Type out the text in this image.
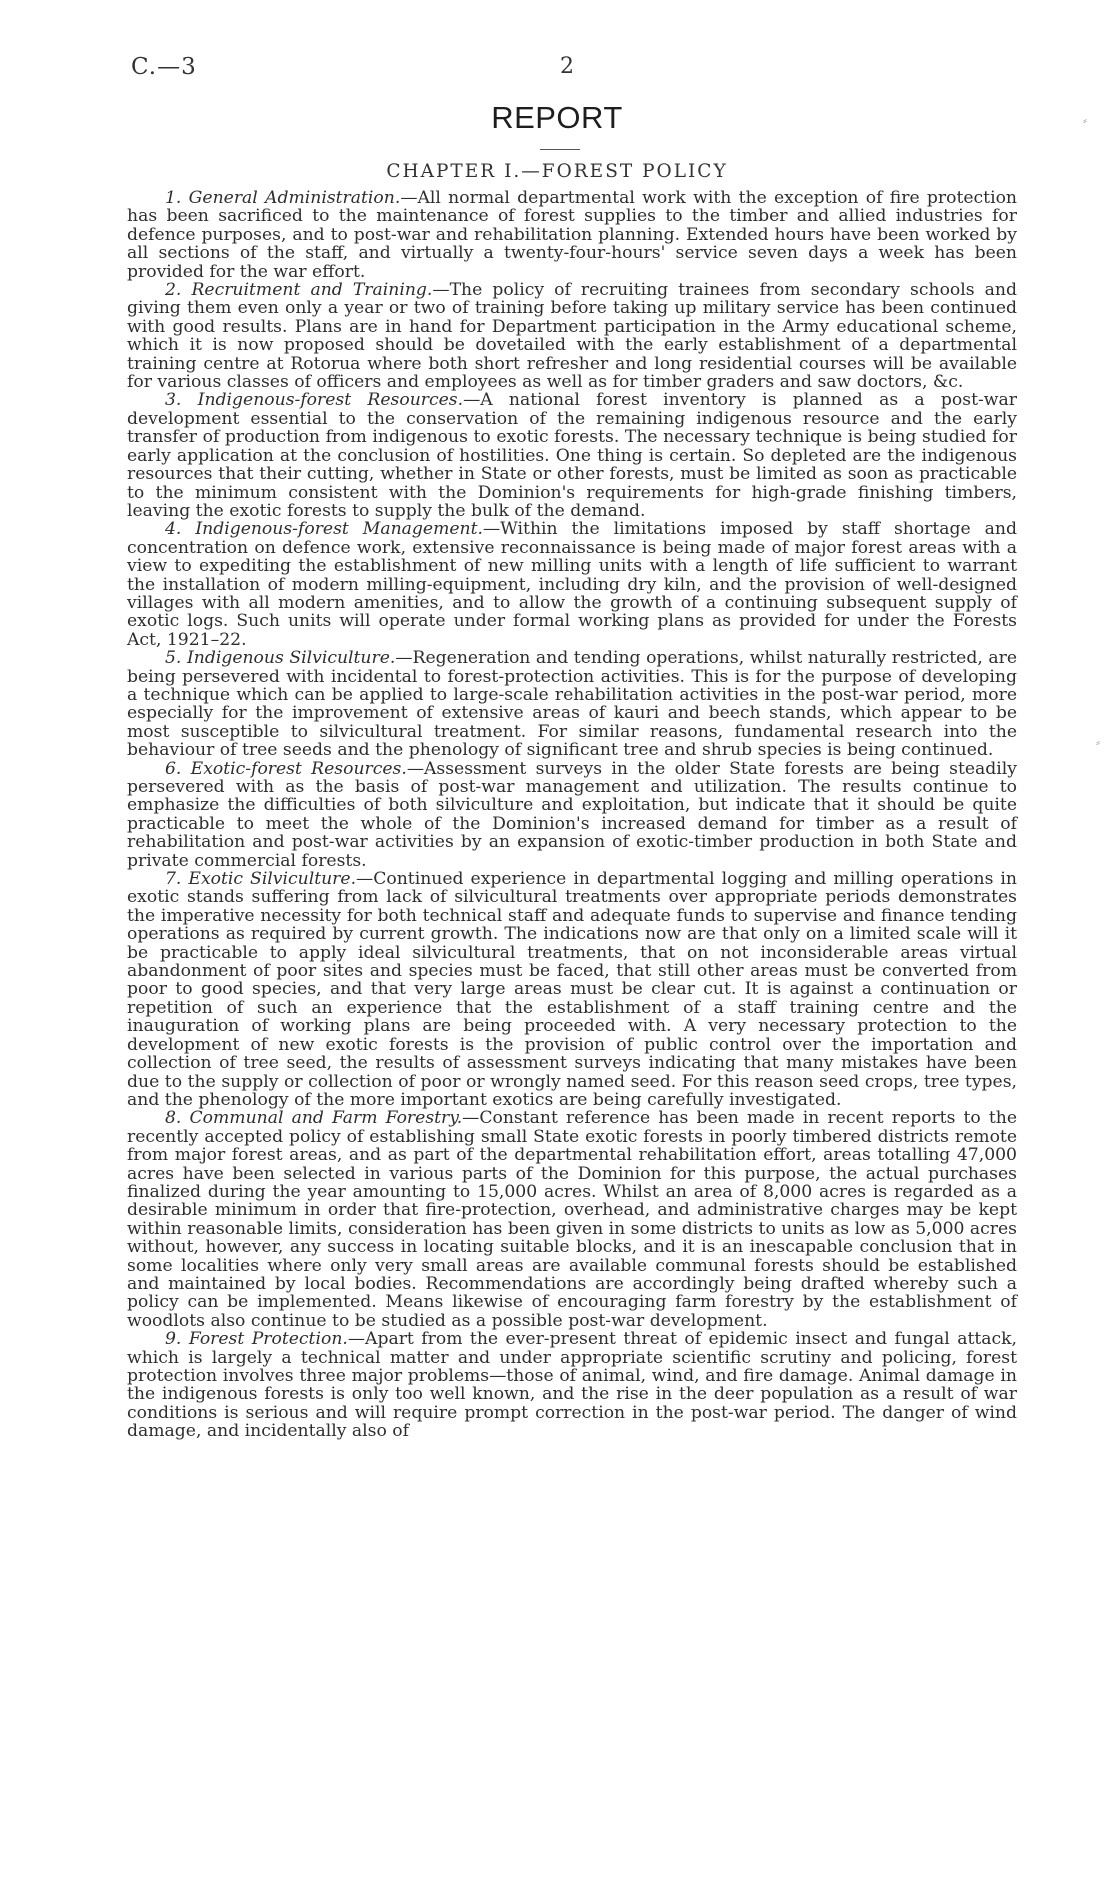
C.—3	2
REPORT
CHAPTER I.—FOREST POLICY

1. General Administration.—All normal departmental work with the exception of fire protection has been sacrificed to the maintenance of forest supplies to the timber and allied industries for defence purposes, and to post-war and rehabilitation planning. Extended hours have been worked by all sections of the staff, and virtually a twenty-four-hours' service seven days a week has been provided for the war effort.

2. Recruitment and Training.—The policy of recruiting trainees from secondary schools and giving them even only a year or two of training before taking up military service has been continued with good results. Plans are in hand for Department participation in the Army educational scheme, which it is now proposed should be dovetailed with the early establishment of a departmental training centre at Rotorua where both short refresher and long residential courses will be available for various classes of officers and employees as well as for timber graders and saw doctors, &c.

3. Indigenous-forest Resources.—A national forest inventory is planned as a post-war development essential to the conservation of the remaining indigenous resource and the early transfer of production from indigenous to exotic forests. The necessary technique is being studied for early application at the conclusion of hostilities. One thing is certain. So depleted are the indigenous resources that their cutting, whether in State or other forests, must be limited as soon as practicable to the minimum consistent with the Dominion's requirements for high-grade finishing timbers, leaving the exotic forests to supply the bulk of the demand.

4. Indigenous-forest Management.—Within the limitations imposed by staff shortage and concentration on defence work, extensive reconnaissance is being made of major forest areas with a view to expediting the establishment of new milling units with a length of life sufficient to warrant the installation of modern milling-equipment, including dry kiln, and the provision of well-designed villages with all modern amenities, and to allow the growth of a continuing subsequent supply of exotic logs. Such units will operate under formal working plans as provided for under the Forests Act, 1921–22.

5. Indigenous Silviculture.—Regeneration and tending operations, whilst naturally restricted, are being persevered with incidental to forest-protection activities. This is for the purpose of developing a technique which can be applied to large-scale rehabilitation activities in the post-war period, more especially for the improvement of extensive areas of kauri and beech stands, which appear to be most susceptible to silvicultural treatment. For similar reasons, fundamental research into the behaviour of tree seeds and the phenology of significant tree and shrub species is being continued.

6. Exotic-forest Resources.—Assessment surveys in the older State forests are being steadily persevered with as the basis of post-war management and utilization. The results continue to emphasize the difficulties of both silviculture and exploitation, but indicate that it should be quite practicable to meet the whole of the Dominion's increased demand for timber as a result of rehabilitation and post-war activities by an expansion of exotic-timber production in both State and private commercial forests.

7. Exotic Silviculture.—Continued experience in departmental logging and milling operations in exotic stands suffering from lack of silvicultural treatments over appropriate periods demonstrates the imperative necessity for both technical staff and adequate funds to supervise and finance tending operations as required by current growth. The indications now are that only on a limited scale will it be practicable to apply ideal silvicultural treatments, that on not inconsiderable areas virtual abandonment of poor sites and species must be faced, that still other areas must be converted from poor to good species, and that very large areas must be clear cut. It is against a continuation or repetition of such an experience that the establishment of a staff training centre and the inauguration of working plans are being proceeded with. A very necessary protection to the development of new exotic forests is the provision of public control over the importation and collection of tree seed, the results of assessment surveys indicating that many mistakes have been due to the supply or collection of poor or wrongly named seed. For this reason seed crops, tree types, and the phenology of the more important exotics are being carefully investigated.

8. Communal and Farm Forestry.—Constant reference has been made in recent reports to the recently accepted policy of establishing small State exotic forests in poorly timbered districts remote from major forest areas, and as part of the departmental rehabilitation effort, areas totalling 47,000 acres have been selected in various parts of the Dominion for this purpose, the actual purchases finalized during the year amounting to 15,000 acres. Whilst an area of 8,000 acres is regarded as a desirable minimum in order that fire-protection, overhead, and administrative charges may be kept within reasonable limits, consideration has been given in some districts to units as low as 5,000 acres without, however, any success in locating suitable blocks, and it is an inescapable conclusion that in some localities where only very small areas are available communal forests should be established and maintained by local bodies. Recommendations are accordingly being drafted whereby such a policy can be implemented. Means likewise of encouraging farm forestry by the establishment of woodlots also continue to be studied as a possible post-war development.

9. Forest Protection.—Apart from the ever-present threat of epidemic insect and fungal attack, which is largely a technical matter and under appropriate scientific scrutiny and policing, forest protection involves three major problems—those of animal, wind, and fire damage. Animal damage in the indigenous forests is only too well known, and the rise in the deer population as a result of war conditions is serious and will require prompt correction in the post-war period. The danger of wind damage, and incidentally also of

⸗
⸗
